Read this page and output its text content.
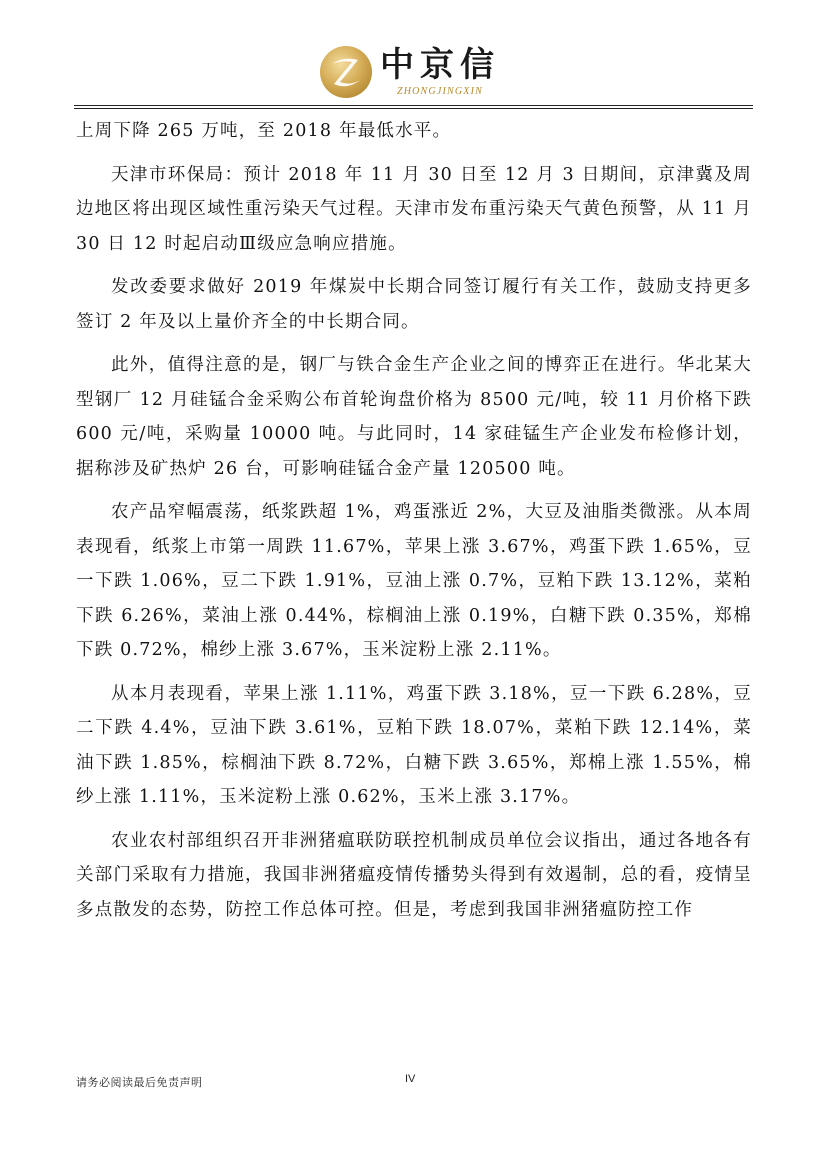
中京信
ZHONGJINGXIN

上周下降 265 万吨，至 2018 年最低水平。

天津市环保局：预计 2018 年 11 月 30 日至 12 月 3 日期间，京津冀及周边地区将出现区域性重污染天气过程。天津市发布重污染天气黄色预警，从 11 月 30 日 12 时起启动Ⅲ级应急响应措施。

发改委要求做好 2019 年煤炭中长期合同签订履行有关工作，鼓励支持更多签订 2 年及以上量价齐全的中长期合同。

此外，值得注意的是，钢厂与铁合金生产企业之间的博弈正在进行。华北某大型钢厂 12 月硅锰合金采购公布首轮询盘价格为 8500 元/吨，较 11 月价格下跌 600 元/吨，采购量 10000 吨。与此同时，14 家硅锰生产企业发布检修计划，据称涉及矿热炉 26 台，可影响硅锰合金产量 120500 吨。

农产品窄幅震荡，纸浆跌超 1%，鸡蛋涨近 2%，大豆及油脂类微涨。从本周表现看，纸浆上市第一周跌 11.67%，苹果上涨 3.67%，鸡蛋下跌 1.65%，豆一下跌 1.06%，豆二下跌 1.91%，豆油上涨 0.7%，豆粕下跌 13.12%，菜粕下跌 6.26%，菜油上涨 0.44%，棕榈油上涨 0.19%，白糖下跌 0.35%，郑棉下跌 0.72%，棉纱上涨 3.67%，玉米淀粉上涨 2.11%。

从本月表现看，苹果上涨 1.11%，鸡蛋下跌 3.18%，豆一下跌 6.28%，豆二下跌 4.4%，豆油下跌 3.61%，豆粕下跌 18.07%，菜粕下跌 12.14%，菜油下跌 1.85%，棕榈油下跌 8.72%，白糖下跌 3.65%，郑棉上涨 1.55%，棉纱上涨 1.11%，玉米淀粉上涨 0.62%，玉米上涨 3.17%。

农业农村部组织召开非洲猪瘟联防联控机制成员单位会议指出，通过各地各有关部门采取有力措施，我国非洲猪瘟疫情传播势头得到有效遏制，总的看，疫情呈多点散发的态势，防控工作总体可控。但是，考虑到我国非洲猪瘟防控工作

请务必阅读最后免责声明	IV
